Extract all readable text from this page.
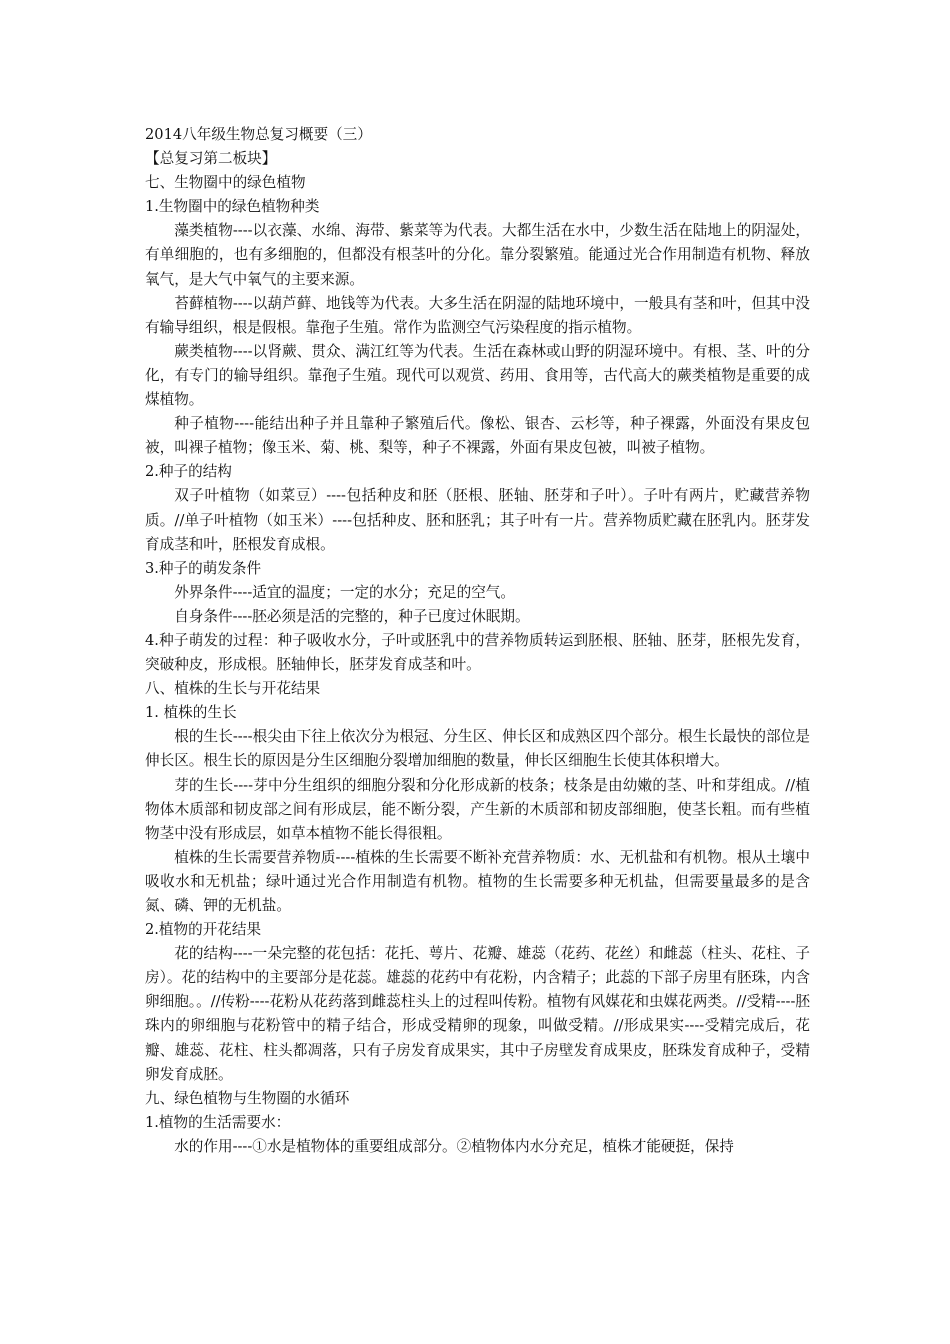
2014八年级生物总复习概要（三）
【总复习第二板块】
七、生物圈中的绿色植物
1.生物圈中的绿色植物种类
藻类植物----以衣藻、水绵、海带、紫菜等为代表。大都生活在水中，少数生活在陆地上的阴湿处，有单细胞的，也有多细胞的，但都没有根茎叶的分化。靠分裂繁殖。能通过光合作用制造有机物、释放氧气，是大气中氧气的主要来源。
苔藓植物----以葫芦藓、地钱等为代表。大多生活在阴湿的陆地环境中，一般具有茎和叶，但其中没有输导组织，根是假根。靠孢子生殖。常作为监测空气污染程度的指示植物。
蕨类植物----以肾蕨、贯众、满江红等为代表。生活在森林或山野的阴湿环境中。有根、茎、叶的分化，有专门的输导组织。靠孢子生殖。现代可以观赏、药用、食用等，古代高大的蕨类植物是重要的成煤植物。
种子植物----能结出种子并且靠种子繁殖后代。像松、银杏、云杉等，种子裸露，外面没有果皮包被，叫裸子植物；像玉米、菊、桃、梨等，种子不裸露，外面有果皮包被，叫被子植物。
2.种子的结构
双子叶植物（如菜豆）----包括种皮和胚（胚根、胚轴、胚芽和子叶）。子叶有两片，贮藏营养物质。//单子叶植物（如玉米）----包括种皮、胚和胚乳；其子叶有一片。营养物质贮藏在胚乳内。胚芽发育成茎和叶，胚根发育成根。
3.种子的萌发条件
外界条件----适宜的温度；一定的水分；充足的空气。
自身条件----胚必须是活的完整的，种子已度过休眠期。
4.种子萌发的过程：种子吸收水分，子叶或胚乳中的营养物质转运到胚根、胚轴、胚芽，胚根先发育，突破种皮，形成根。胚轴伸长，胚芽发育成茎和叶。
八、植株的生长与开花结果
1. 植株的生长
根的生长----根尖由下往上依次分为根冠、分生区、伸长区和成熟区四个部分。根生长最快的部位是伸长区。根生长的原因是分生区细胞分裂增加细胞的数量，伸长区细胞生长使其体积增大。
芽的生长----芽中分生组织的细胞分裂和分化形成新的枝条；枝条是由幼嫩的茎、叶和芽组成。//植物体木质部和韧皮部之间有形成层，能不断分裂，产生新的木质部和韧皮部细胞，使茎长粗。而有些植物茎中没有形成层，如草本植物不能长得很粗。
植株的生长需要营养物质----植株的生长需要不断补充营养物质：水、无机盐和有机物。根从土壤中吸收水和无机盐；绿叶通过光合作用制造有机物。植物的生长需要多种无机盐，但需要量最多的是含氮、磷、钾的无机盐。
2.植物的开花结果
花的结构----一朵完整的花包括：花托、萼片、花瓣、雄蕊（花药、花丝）和雌蕊（柱头、花柱、子房）。花的结构中的主要部分是花蕊。雄蕊的花药中有花粉，内含精子；此蕊的下部子房里有胚珠，内含卵细胞。。//传粉----花粉从花药落到雌蕊柱头上的过程叫传粉。植物有风媒花和虫媒花两类。//受精----胚珠内的卵细胞与花粉管中的精子结合，形成受精卵的现象，叫做受精。//形成果实----受精完成后，花瓣、雄蕊、花柱、柱头都凋落，只有子房发育成果实，其中子房壁发育成果皮，胚珠发育成种子，受精卵发育成胚。
九、绿色植物与生物圈的水循环
1.植物的生活需要水：
水的作用----①水是植物体的重要组成部分。②植物体内水分充足，植株才能硬挺，保持
